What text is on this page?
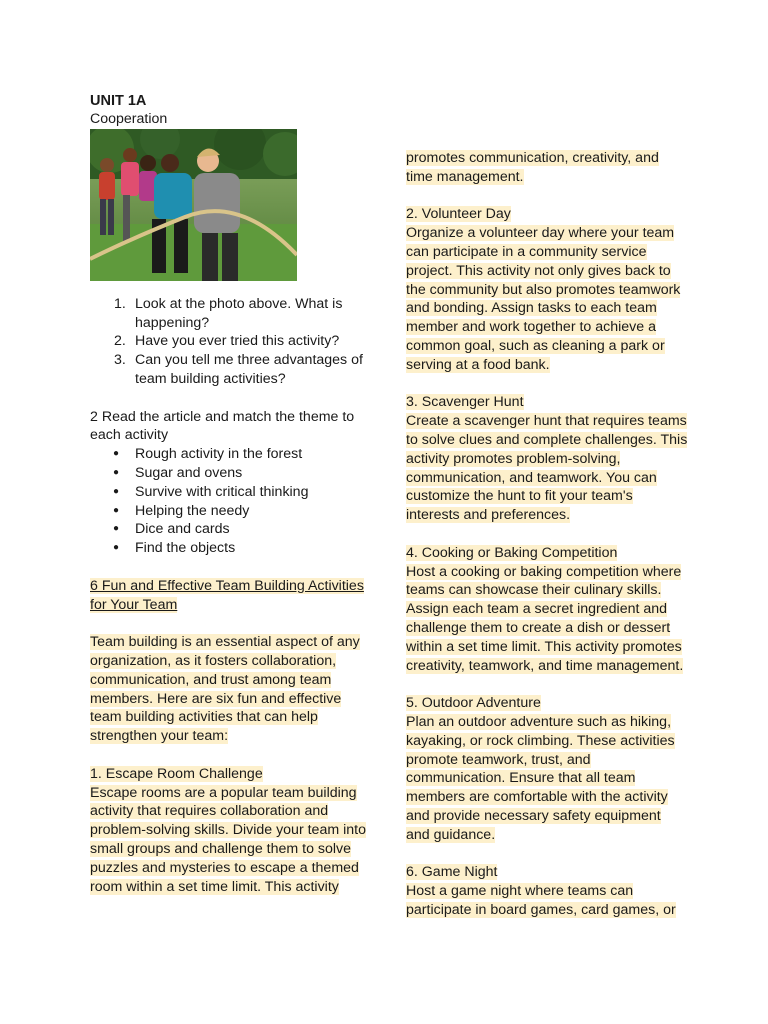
UNIT 1A

Cooperation

1. Look at the photo above. What is happening?
2. Have you ever tried this activity?
3. Can you tell me three advantages of team building activities?

2 Read the article and match the theme to each activity

● Rough activity in the forest
● Sugar and ovens
● Survive with critical thinking
● Helping the needy
● Dice and cards
● Find the objects

6 Fun and Effective Team Building Activities for Your Team

Team building is an essential aspect of any organization, as it fosters collaboration, communication, and trust among team members. Here are six fun and effective team building activities that can help strengthen your team:

1. Escape Room Challenge

Escape rooms are a popular team building activity that requires collaboration and problem-solving skills. Divide your team into small groups and challenge them to solve puzzles and mysteries to escape a themed room within a set time limit. This activity

promotes communication, creativity, and time management.

2. Volunteer Day

Organize a volunteer day where your team can participate in a community service project. This activity not only gives back to the community but also promotes teamwork and bonding. Assign tasks to each team member and work together to achieve a common goal, such as cleaning a park or serving at a food bank.

3. Scavenger Hunt

Create a scavenger hunt that requires teams to solve clues and complete challenges. This activity promotes problem-solving, communication, and teamwork. You can customize the hunt to fit your team's interests and preferences.

4. Cooking or Baking Competition

Host a cooking or baking competition where teams can showcase their culinary skills. Assign each team a secret ingredient and challenge them to create a dish or dessert within a set time limit. This activity promotes creativity, teamwork, and time management.

5. Outdoor Adventure

Plan an outdoor adventure such as hiking, kayaking, or rock climbing. These activities promote teamwork, trust, and communication. Ensure that all team members are comfortable with the activity and provide necessary safety equipment and guidance.

6. Game Night

Host a game night where teams can participate in board games, card games, or
